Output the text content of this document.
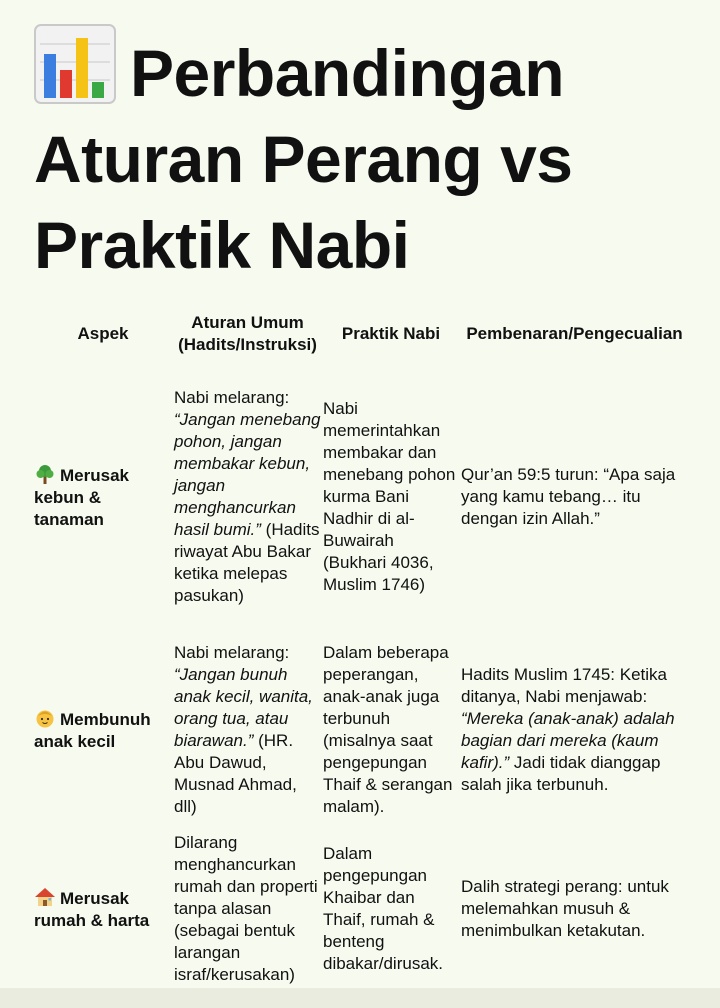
Perbandingan Aturan Perang vs Praktik Nabi
Aspek	Aturan Umum (Hadits/Instruksi)	Praktik Nabi	Pembenaran/Pengecualian

Merusak kebun & tanaman	Nabi melarang: “Jangan menebang pohon, jangan membakar kebun, jangan menghancurkan hasil bumi.” (Hadits riwayat Abu Bakar ketika melepas pasukan)	Nabi memerintahkan membakar dan menebang pohon kurma Bani Nadhir di al-Buwairah (Bukhari 4036, Muslim 1746)	Qur’an 59:5 turun: “Apa saja yang kamu tebang… itu dengan izin Allah.”

Membunuh anak kecil	Nabi melarang: “Jangan bunuh anak kecil, wanita, orang tua, atau biarawan.” (HR. Abu Dawud, Musnad Ahmad, dll)	Dalam beberapa peperangan, anak-anak juga terbunuh (misalnya saat pengepungan Thaif & serangan malam).	Hadits Muslim 1745: Ketika ditanya, Nabi menjawab: “Mereka (anak-anak) adalah bagian dari mereka (kaum kafir).” Jadi tidak dianggap salah jika terbunuh.

Merusak rumah & harta	Dilarang menghancurkan rumah dan properti tanpa alasan (sebagai bentuk larangan israf/kerusakan)	Dalam pengepungan Khaibar dan Thaif, rumah & benteng dibakar/dirusak.	Dalih strategi perang: untuk melemahkan musuh & menimbulkan ketakutan.
